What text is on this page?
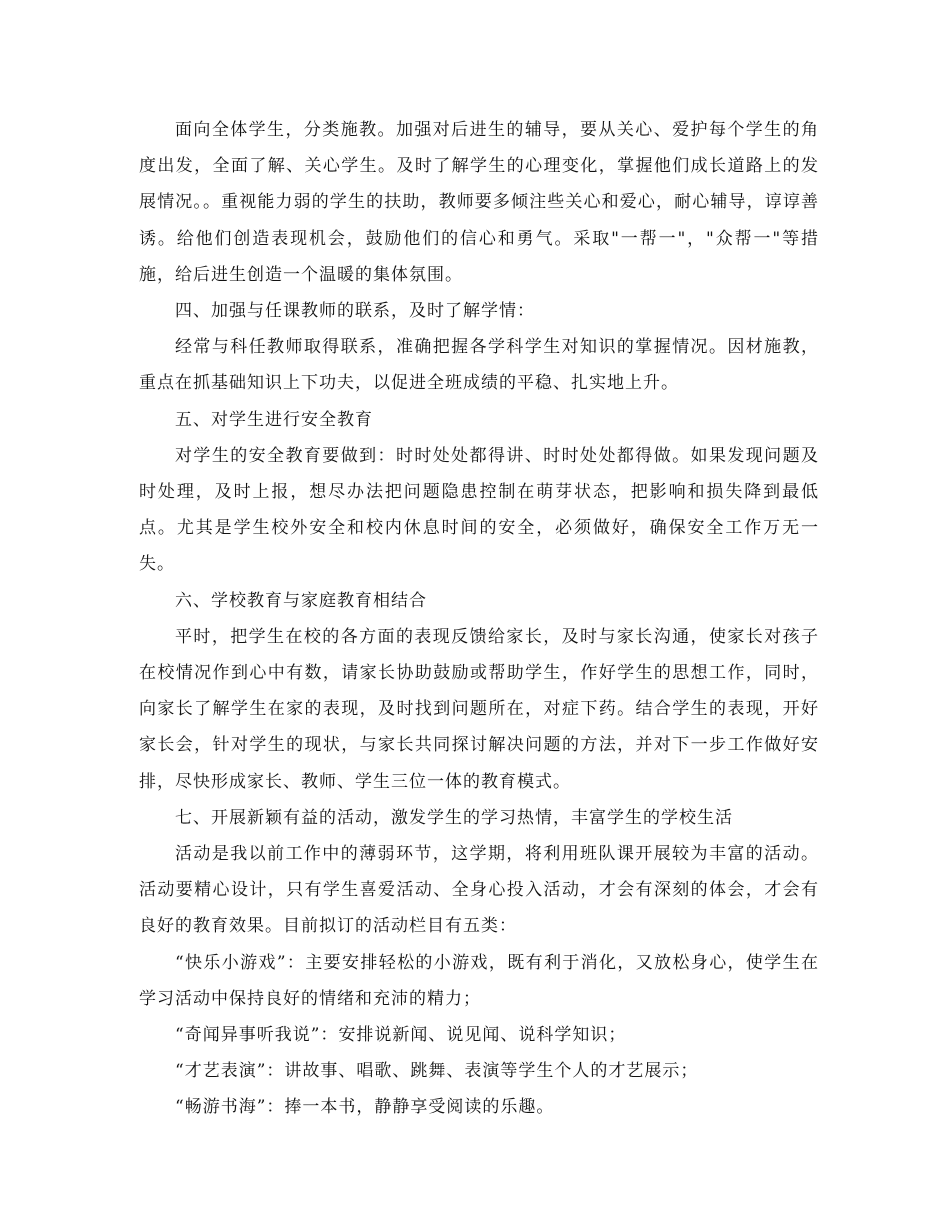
面向全体学生，分类施教。加强对后进生的辅导，要从关心、爱护每个学生的角度出发，全面了解、关心学生。及时了解学生的心理变化，掌握他们成长道路上的发展情况。。重视能力弱的学生的扶助，教师要多倾注些关心和爱心，耐心辅导，谆谆善诱。给他们创造表现机会，鼓励他们的信心和勇气。采取"一帮一"，"众帮一"等措施，给后进生创造一个温暖的集体氛围。

四、加强与任课教师的联系，及时了解学情：

经常与科任教师取得联系，准确把握各学科学生对知识的掌握情况。因材施教，重点在抓基础知识上下功夫，以促进全班成绩的平稳、扎实地上升。

五、对学生进行安全教育

对学生的安全教育要做到：时时处处都得讲、时时处处都得做。如果发现问题及时处理，及时上报，想尽办法把问题隐患控制在萌芽状态，把影响和损失降到最低点。尤其是学生校外安全和校内休息时间的安全，必须做好，确保安全工作万无一失。

六、学校教育与家庭教育相结合

平时，把学生在校的各方面的表现反馈给家长，及时与家长沟通，使家长对孩子在校情况作到心中有数，请家长协助鼓励或帮助学生，作好学生的思想工作，同时，向家长了解学生在家的表现，及时找到问题所在，对症下药。结合学生的表现，开好家长会，针对学生的现状，与家长共同探讨解决问题的方法，并对下一步工作做好安排，尽快形成家长、教师、学生三位一体的教育模式。

七、开展新颖有益的活动，激发学生的学习热情，丰富学生的学校生活

活动是我以前工作中的薄弱环节，这学期，将利用班队课开展较为丰富的活动。活动要精心设计，只有学生喜爱活动、全身心投入活动，才会有深刻的体会，才会有良好的教育效果。目前拟订的活动栏目有五类：

“快乐小游戏”：主要安排轻松的小游戏，既有利于消化，又放松身心，使学生在学习活动中保持良好的情绪和充沛的精力；

“奇闻异事听我说”：安排说新闻、说见闻、说科学知识；

“才艺表演”：讲故事、唱歌、跳舞、表演等学生个人的才艺展示；

“畅游书海”：捧一本书，静静享受阅读的乐趣。
